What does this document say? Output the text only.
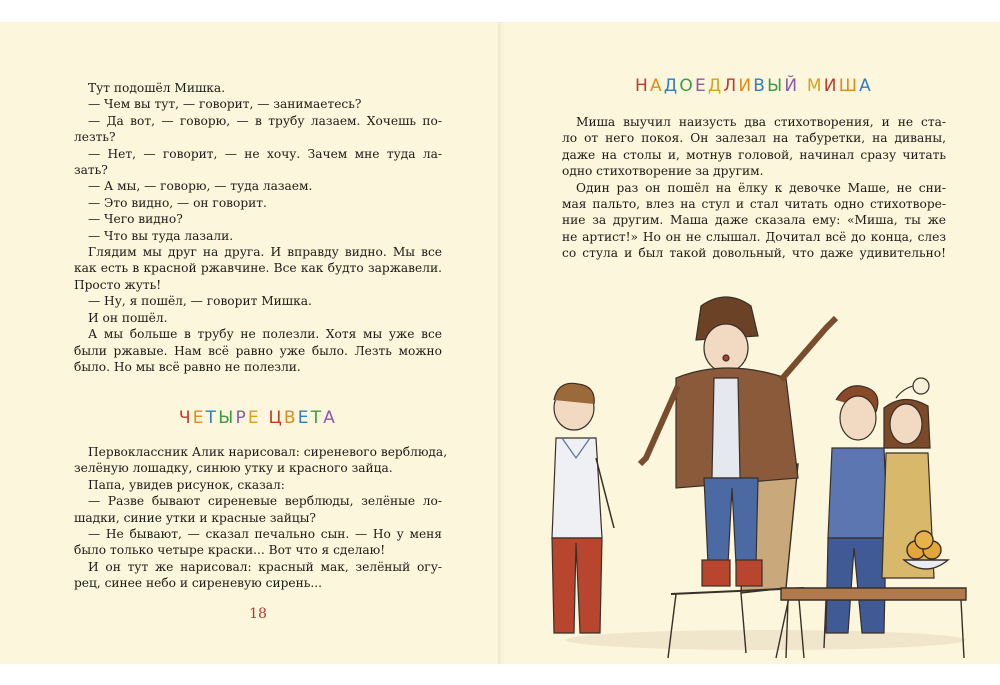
Тут подошёл Мишка.
— Чем вы тут, — говорит, — занимаетесь?
— Да вот, — говорю, — в трубу лазаем. Хочешь по-
лезть?
— Нет, — говорит, — не хочу. Зачем мне туда ла-
зать?
— А мы, — говорю, — туда лазаем.
— Это видно, — он говорит.
— Чего видно?
— Что вы туда лазали.
Глядим мы друг на друга. И вправду видно. Мы все
как есть в красной ржавчине. Все как будто заржавели.
Просто жуть!
— Ну, я пошёл, — говорит Мишка.
И он пошёл.
А мы больше в трубу не полезли. Хотя мы уже все
были ржавые. Нам всё равно уже было. Лезть можно
было. Но мы всё равно не полезли.
ЧЕТЫРЕ ЦВЕТА
Первоклассник Алик нарисовал: сиреневого верблюда,
зелёную лошадку, синюю утку и красного зайца.
Папа, увидев рисунок, сказал:
— Разве бывают сиреневые верблюды, зелёные ло-
шадки, синие утки и красные зайцы?
— Не бывают, — сказал печально сын. — Но у меня
было только четыре краски... Вот что я сделаю!
И он тут же нарисовал: красный мак, зелёный огу-
рец, синее небо и сиреневую сирень...
18
НАДОЕДЛИВЫЙ МИША
Миша выучил наизусть два стихотворения, и не ста-
ло от него покоя. Он залезал на табуретки, на диваны,
даже на столы и, мотнув головой, начинал сразу читать
одно стихотворение за другим.
Один раз он пошёл на ёлку к девочке Маше, не сни-
мая пальто, влез на стул и стал читать одно стихотворе-
ние за другим. Маша даже сказала ему: «Миша, ты же
не артист!» Но он не слышал. Дочитал всё до конца, слез
со стула и был такой довольный, что даже удивительно!
